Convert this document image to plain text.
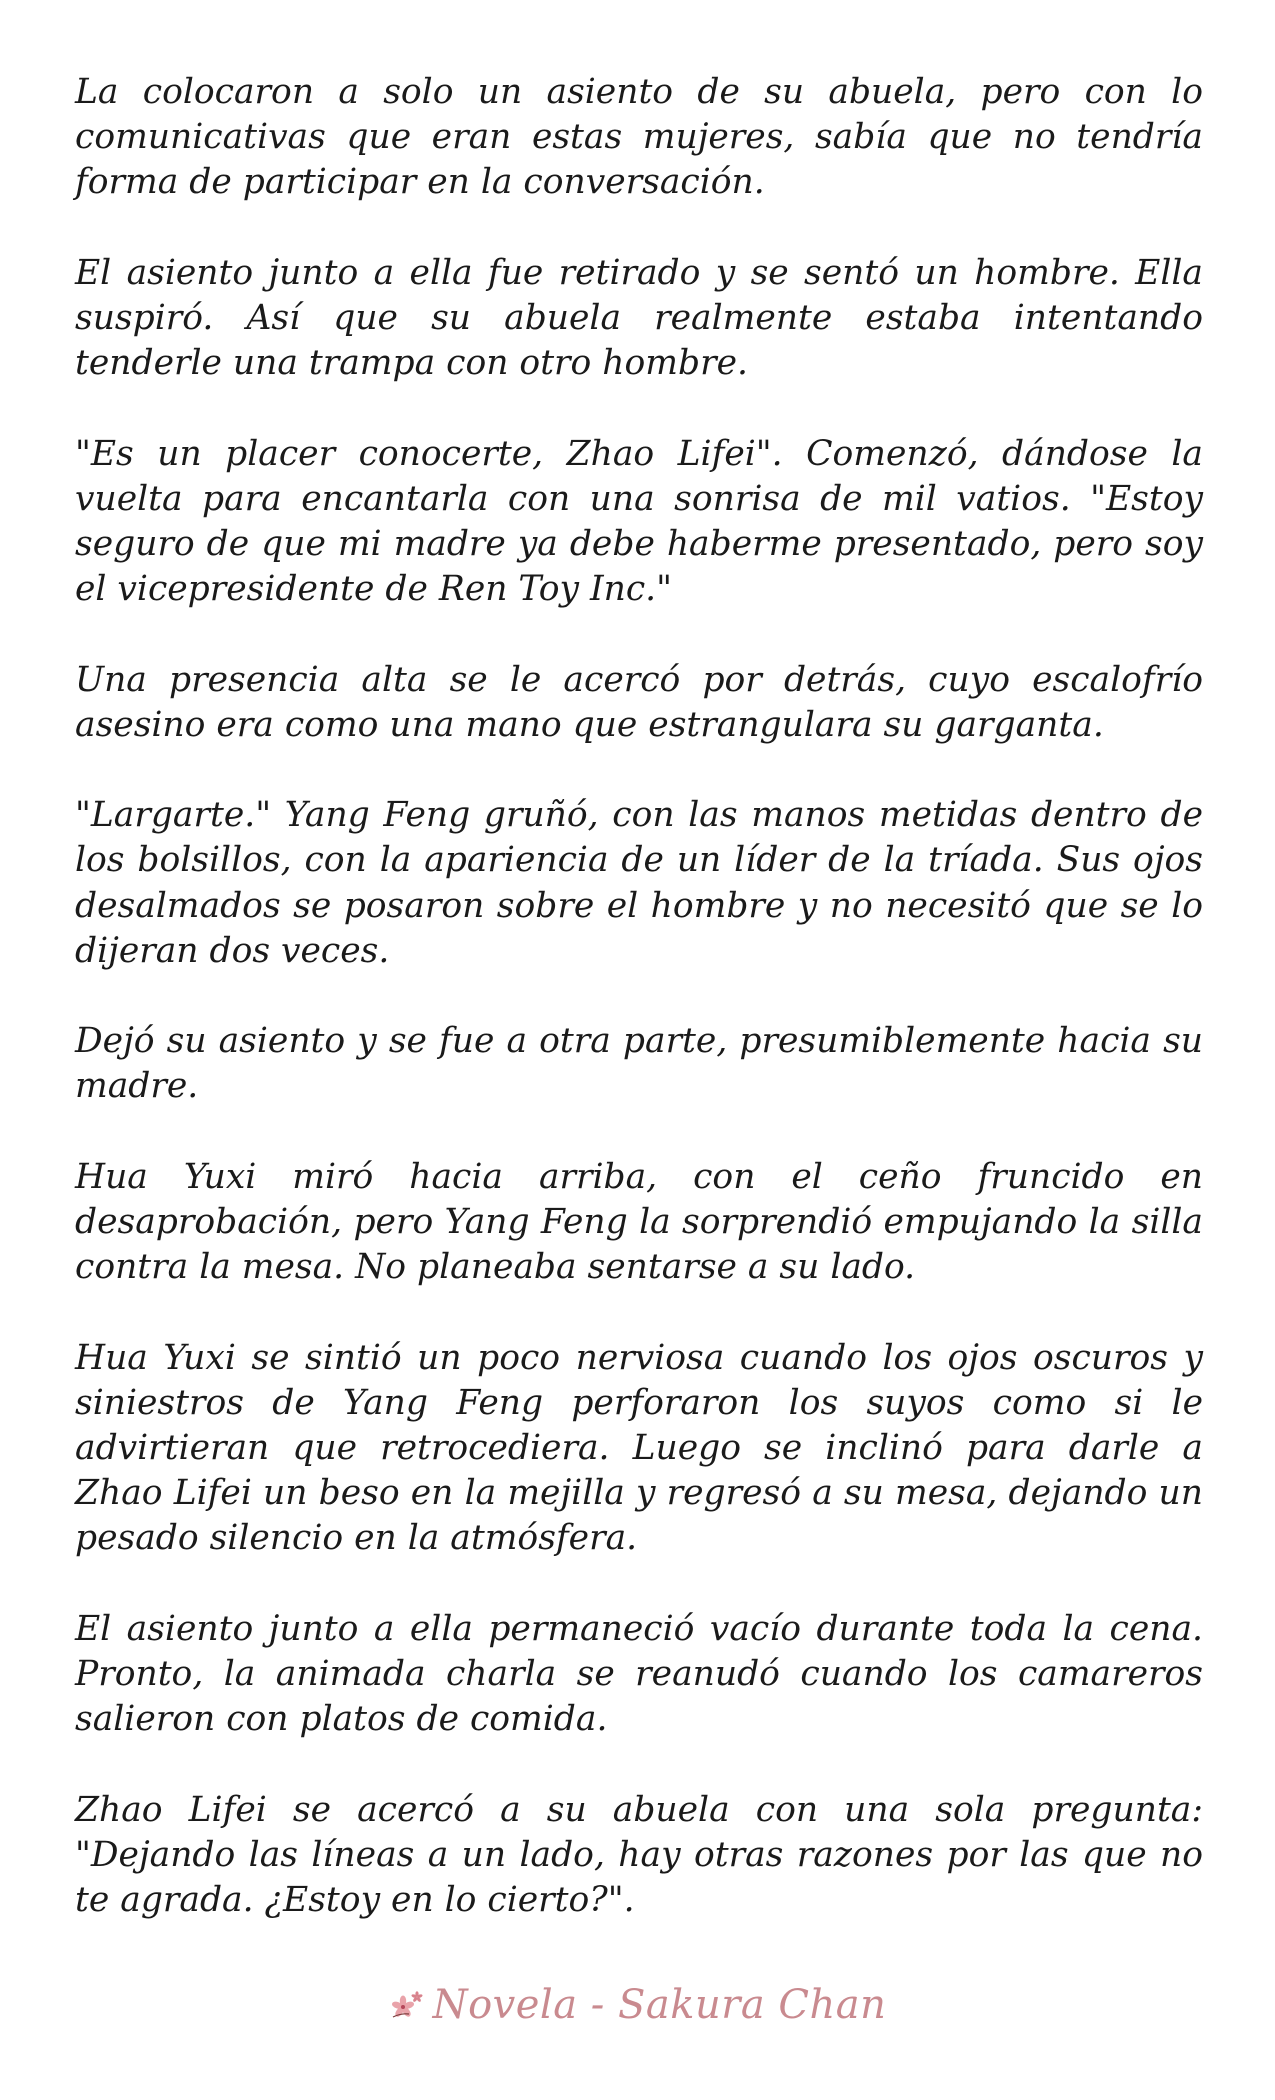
La colocaron a solo un asiento de su abuela, pero con lo comunicativas que eran estas mujeres, sabía que no tendría forma de participar en la conversación.

El asiento junto a ella fue retirado y se sentó un hombre. Ella suspiró. Así que su abuela realmente estaba intentando tenderle una trampa con otro hombre.

"Es un placer conocerte, Zhao Lifei". Comenzó, dándose la vuelta para encantarla con una sonrisa de mil vatios. "Estoy seguro de que mi madre ya debe haberme presentado, pero soy el vicepresidente de Ren Toy Inc."

Una presencia alta se le acercó por detrás, cuyo escalofrío asesino era como una mano que estrangulara su garganta.

"Largarte." Yang Feng gruñó, con las manos metidas dentro de los bolsillos, con la apariencia de un líder de la tríada. Sus ojos desalmados se posaron sobre el hombre y no necesitó que se lo dijeran dos veces.

Dejó su asiento y se fue a otra parte, presumiblemente hacia su madre.

Hua Yuxi miró hacia arriba, con el ceño fruncido en desaprobación, pero Yang Feng la sorprendió empujando la silla contra la mesa. No planeaba sentarse a su lado.

Hua Yuxi se sintió un poco nerviosa cuando los ojos oscuros y siniestros de Yang Feng perforaron los suyos como si le advirtieran que retrocediera. Luego se inclinó para darle a Zhao Lifei un beso en la mejilla y regresó a su mesa, dejando un pesado silencio en la atmósfera.

El asiento junto a ella permaneció vacío durante toda la cena. Pronto, la animada charla se reanudó cuando los camareros salieron con platos de comida.

Zhao Lifei se acercó a su abuela con una sola pregunta: "Dejando las líneas a un lado, hay otras razones por las que no te agrada. ¿Estoy en lo cierto?".

Novela - Sakura Chan
